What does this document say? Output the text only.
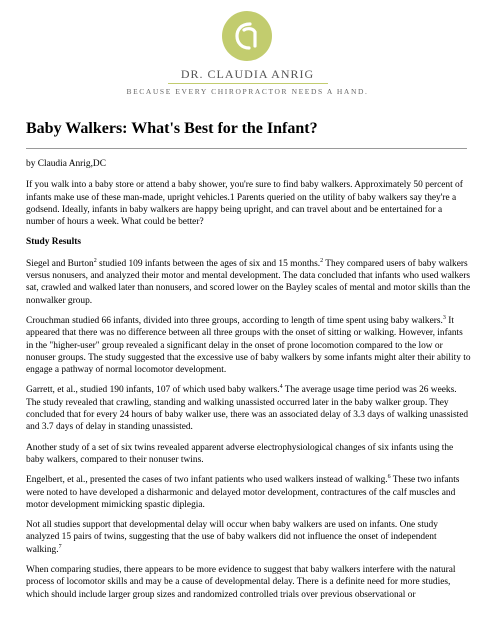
DR. CLAUDIA ANRIG
BECAUSE EVERY CHIROPRACTOR NEEDS A HAND.
Baby Walkers: What's Best for the Infant?

by Claudia Anrig,DC

If you walk into a baby store or attend a baby shower, you're sure to find baby walkers. Approximately 50 percent of infants make use of these man-made, upright vehicles.1 Parents queried on the utility of baby walkers say they're a godsend. Ideally, infants in baby walkers are happy being upright, and can travel about and be entertained for a number of hours a week. What could be better?

Study Results

Siegel and Burton$^2$ studied 109 infants between the ages of six and 15 months.$^2$ They compared users of baby walkers versus nonusers, and analyzed their motor and mental development. The data concluded that infants who used walkers sat, crawled and walked later than nonusers, and scored lower on the Bayley scales of mental and motor skills than the nonwalker group.

Crouchman studied 66 infants, divided into three groups, according to length of time spent using baby walkers.$^3$ It appeared that there was no difference between all three groups with the onset of sitting or walking. However, infants in the "higher-user" group revealed a significant delay in the onset of prone locomotion compared to the low or nonuser groups. The study suggested that the excessive use of baby walkers by some infants might alter their ability to engage a pathway of normal locomotor development.

Garrett, et al., studied 190 infants, 107 of which used baby walkers.$^4$ The average usage time period was 26 weeks. The study revealed that crawling, standing and walking unassisted occurred later in the baby walker group. They concluded that for every 24 hours of baby walker use, there was an associated delay of 3.3 days of walking unassisted and 3.7 days of delay in standing unassisted.

Another study of a set of six twins revealed apparent adverse electrophysiological changes of six infants using the baby walkers, compared to their nonuser twins.

Engelbert, et al., presented the cases of two infant patients who used walkers instead of walking.$^6$ These two infants were noted to have developed a disharmonic and delayed motor development, contractures of the calf muscles and motor development mimicking spastic diplegia.

Not all studies support that developmental delay will occur when baby walkers are used on infants. One study analyzed 15 pairs of twins, suggesting that the use of baby walkers did not influence the onset of independent walking.$^7$

When comparing studies, there appears to be more evidence to suggest that baby walkers interfere with the natural process of locomotor skills and may be a cause of developmental delay. There is a definite need for more studies, which should include larger group sizes and randomized controlled trials over previous observational or
